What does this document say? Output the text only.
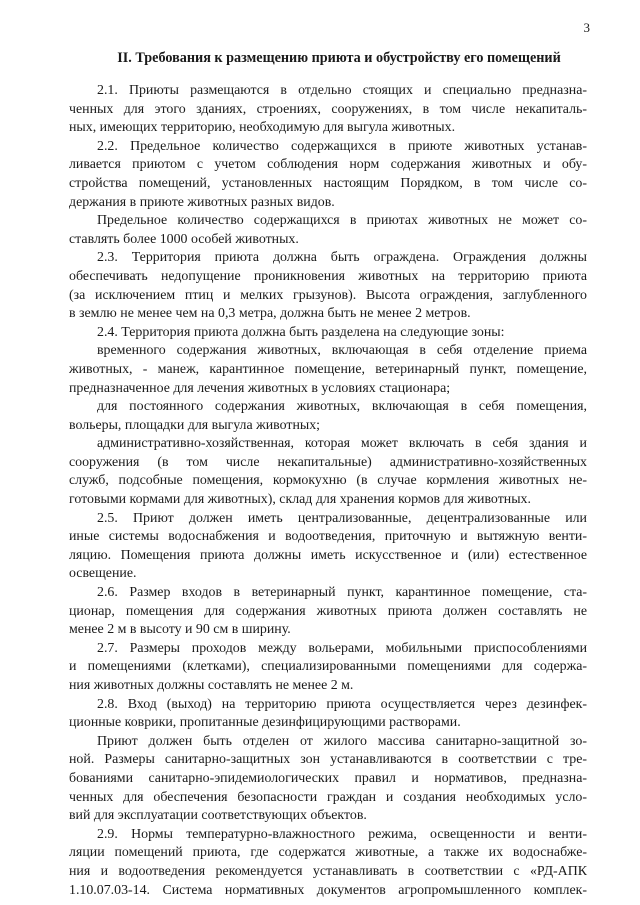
3
II. Требования к размещению приюта и обустройству его помещений
2.1. Приюты размещаются в отдельно стоящих и специально предназна-
ченных для этого зданиях, строениях, сооружениях, в том числе некапиталь-
ных, имеющих территорию, необходимую для выгула животных.
2.2. Предельное количество содержащихся в приюте животных устанав-
ливается приютом с учетом соблюдения норм содержания животных и обу-
стройства помещений, установленных настоящим Порядком, в том числе со-
держания в приюте животных разных видов.
Предельное количество содержащихся в приютах животных не может со-
ставлять более 1000 особей животных.
2.3. Территория приюта должна быть ограждена. Ограждения должны
обеспечивать недопущение проникновения животных на территорию приюта
(за исключением птиц и мелких грызунов). Высота ограждения, заглубленного
в землю не менее чем на 0,3 метра, должна быть не менее 2 метров.
2.4. Территория приюта должна быть разделена на следующие зоны:
временного содержания животных, включающая в себя отделение приема
животных, - манеж, карантинное помещение, ветеринарный пункт, помещение,
предназначенное для лечения животных в условиях стационара;
для постоянного содержания животных, включающая в себя помещения,
вольеры, площадки для выгула животных;
административно-хозяйственная, которая может включать в себя здания и
сооружения (в том числе некапитальные) административно-хозяйственных
служб, подсобные помещения, кормокухню (в случае кормления животных не-
готовыми кормами для животных), склад для хранения кормов для животных.
2.5. Приют должен иметь централизованные, децентрализованные или
иные системы водоснабжения и водоотведения, приточную и вытяжную венти-
ляцию. Помещения приюта должны иметь искусственное и (или) естественное
освещение.
2.6. Размер входов в ветеринарный пункт, карантинное помещение, ста-
ционар, помещения для содержания животных приюта должен составлять не
менее 2 м в высоту и 90 см в ширину.
2.7. Размеры проходов между вольерами, мобильными приспособлениями
и помещениями (клетками), специализированными помещениями для содержа-
ния животных должны составлять не менее 2 м.
2.8. Вход (выход) на территорию приюта осуществляется через дезинфек-
ционные коврики, пропитанные дезинфицирующими растворами.
Приют должен быть отделен от жилого массива санитарно-защитной зо-
ной. Размеры санитарно-защитных зон устанавливаются в соответствии с тре-
бованиями санитарно-эпидемиологических правил и нормативов, предназна-
ченных для обеспечения безопасности граждан и создания необходимых усло-
вий для эксплуатации соответствующих объектов.
2.9. Нормы температурно-влажностного режима, освещенности и венти-
ляции помещений приюта, где содержатся животные, а также их водоснабже-
ния и водоотведения рекомендуется устанавливать в соответствии с «РД-АПК
1.10.07.03-14. Система нормативных документов агропромышленного комплек-
